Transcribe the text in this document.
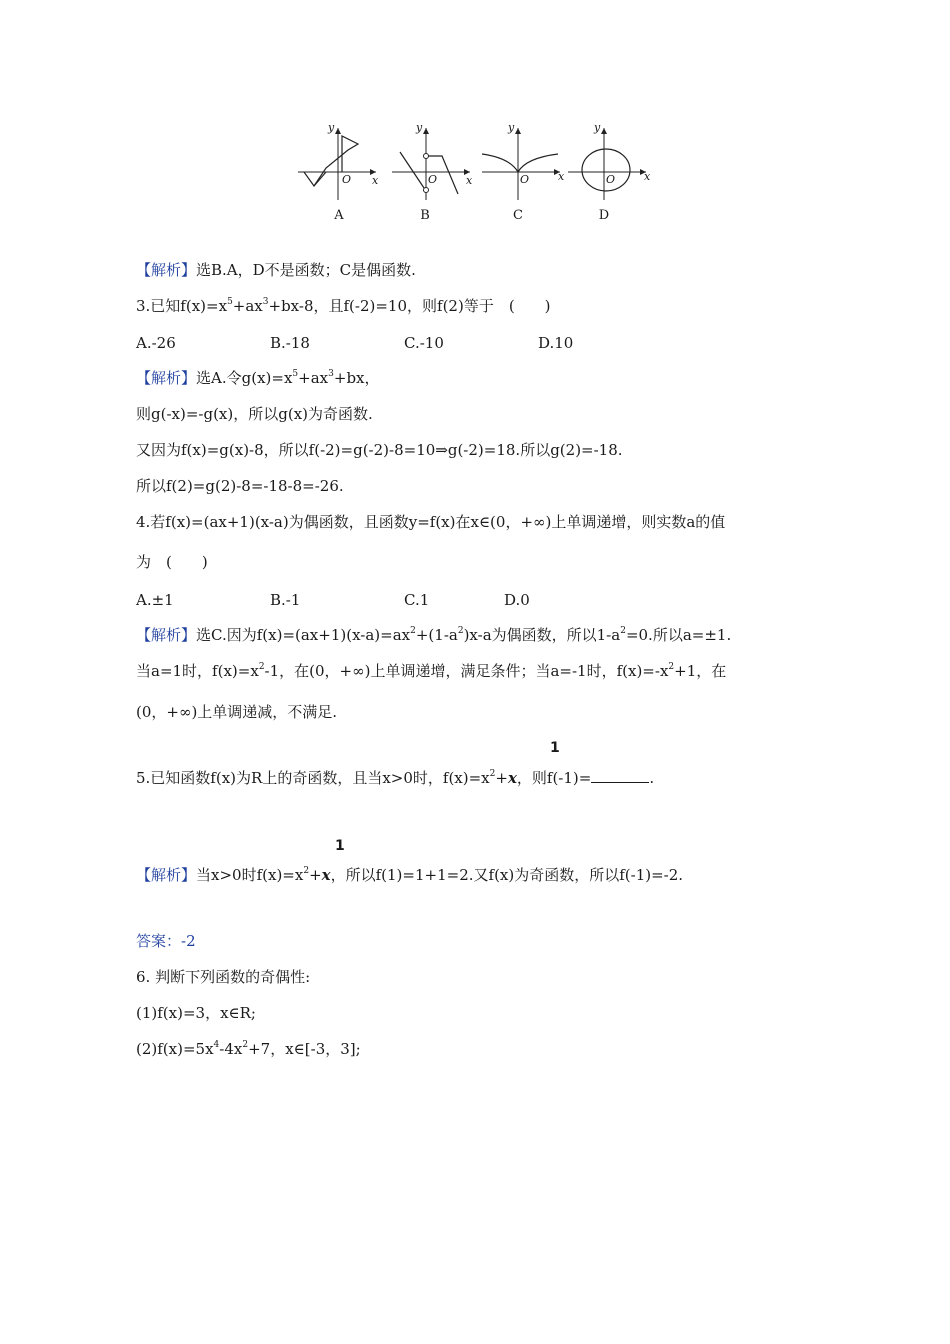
y
x
O
A
y
x
O
B
y
x
O
C
y
x
O
D
【解析】选B.A，D不是函数；C是偶函数.
3.已知$f(x)=x^5+ax^3+bx-8$，且f(-2)=10，则f(2)等于　(　　)
A.-26	B.-18	C.-10	D.10
【解析】选A.令$g(x)=x^5+ax^3+bx$，
则g(-x)=-g(x)，所以g(x)为奇函数.
又因为f(x)=g(x)-8，所以f(-2)=g(-2)-8=10⇒g(-2)=18.所以g(2)=-18.
所以f(2)=g(2)-8=-18-8=-26.
4.若f(x)=(ax+1)(x-a)为偶函数，且函数y=f(x)在x∈(0，+∞)上单调递增，则实数a的值
为　(　　)
A.±1	B.-1	C.1	D.0
【解析】选C.因为$f(x)=(ax+1)(x-a)=ax^2+(1-a^2)x-a$为偶函数，所以$1-a^2=0$.所以a=±1.
当a=1时，$f(x)=x^2-1$，在(0，+∞)上单调递增，满足条件；当a=-1时，$f(x)=-x^2+1$，在
(0，+∞)上单调递减，不满足.
1
5.已知函数f(x)为R上的奇函数，且当x>0时，$f(x)=x^2+x$，则f(-1)=	.
1
【解析】当x>0时$f(x)=x^2+x$，所以f(1)=1+1=2.又f(x)为奇函数，所以f(-1)=-2.
答案：-2
6. 判断下列函数的奇偶性:
(1)f(x)=3，x∈R;
$(2)f(x)=5x^4-4x^2+7$，x∈[-3，3];
